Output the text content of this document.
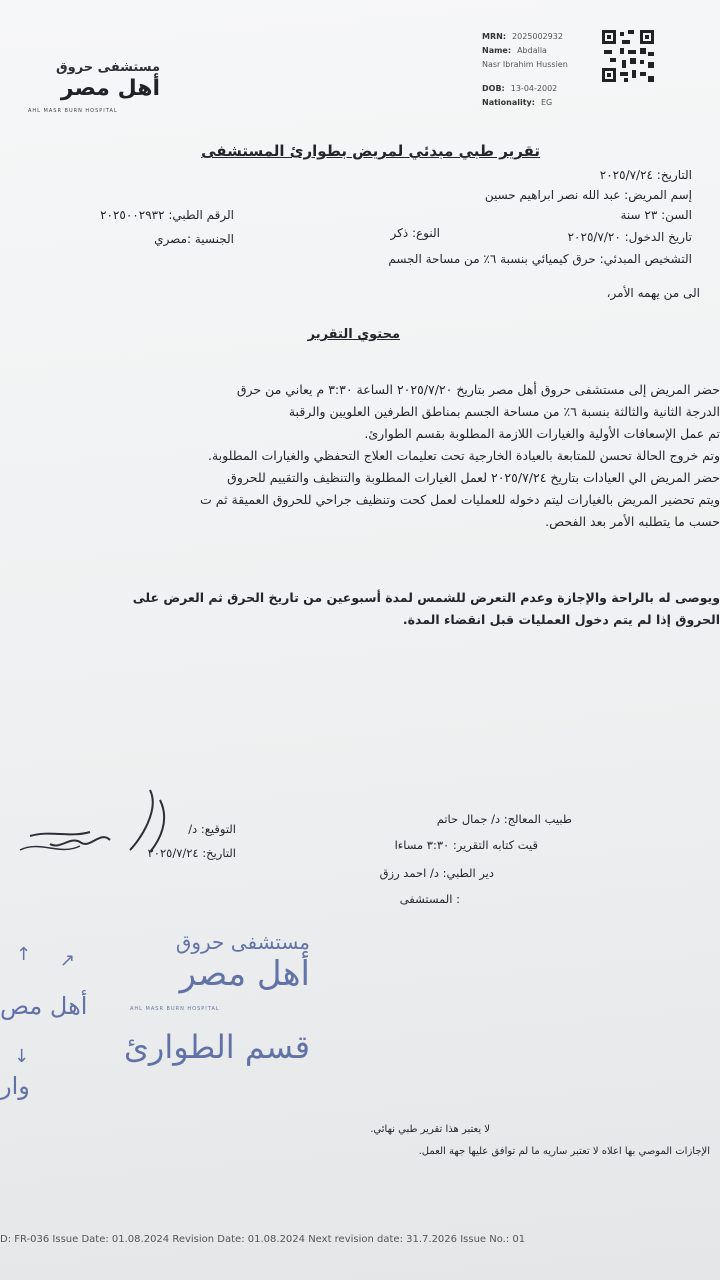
مستشفى حروق
أهل مصر
AHL MASR BURN HOSPITAL
MRN: 2025002932
Name: Abdalla
Nasr Ibrahim Hussien
DOB: 13-04-2002
Nationality: EG
تقرير طبي مبدئي لمريض بطوارئ المستشفى
التاريخ: ٢٠٢٥/٧/٢٤
إسم المريض: عبد الله نصر ابراهيم حسين
الرقم الطبي: ٢٠٢٥٠٠٢٩٣٢	السن: ٢٣ سنة
النوع: ذكر
الجنسية :مصري	تاريخ الدخول: ٢٠٢٥/٧/٢٠
التشخيص المبدئي: حرق كيميائي بنسبة ٦٪ من مساحة الجسم
الى من يهمه الأمر،
محتوي التقرير
حضر المريض إلى مستشفى حروق أهل مصر بتاريخ ٢٠٢٥/٧/٢٠ الساعة ٣:٣٠ م يعاني من حرق
الدرجة الثانية والثالثة بنسبة ٦٪ من مساحة الجسم بمناطق الطرفين العلويين والرقبة
تم عمل الإسعافات الأولية والغيارات اللازمة المطلوبة بقسم الطوارئ.
وتم خروج الحالة تحسن للمتابعة بالعيادة الخارجية تحت تعليمات العلاج التحفظي والغيارات المطلوبة.
حضر المريض الي العيادات بتاريخ ٢٠٢٥/٧/٢٤ لعمل الغيارات المطلوبة والتنظيف والتقييم للحروق
ويتم تحضير المريض بالغيارات ليتم دخوله للعمليات لعمل كحت وتنظيف جراحي للحروق العميقة ثم ت
حسب ما يتطلبه الأمر بعد الفحص.
ويوصى له بالراحة والإجازة وعدم التعرض للشمس لمدة أسبوعين من تاريخ الحرق ثم العرض على
الحروق إذا لم يتم دخول العمليات قبل انقضاء المدة.
طبيب المعالج: د/ جمال حاتم
قيت كتابه التقرير: ٣:٣٠ مساءا
دير الطبي: د/ احمد رزق
: المستشفى
التوقيع: د/
التاريخ: ٢٠٢٥/٧/٢٤
مستشفى حروق
أهل مصر
AHL MASR BURN HOSPITAL
قسم الطوارئ
أهل مص
وار
↑ ↗
↓
لا يعتبر هذا تقرير طبي نهائي.
الإجازات الموصي بها اعلاه لا تعتبر ساريه ما لم توافق عليها جهة العمل.
D: FR-036 Issue Date: 01.08.2024 Revision Date: 01.08.2024 Next revision date: 31.7.2026 Issue No.: 01
